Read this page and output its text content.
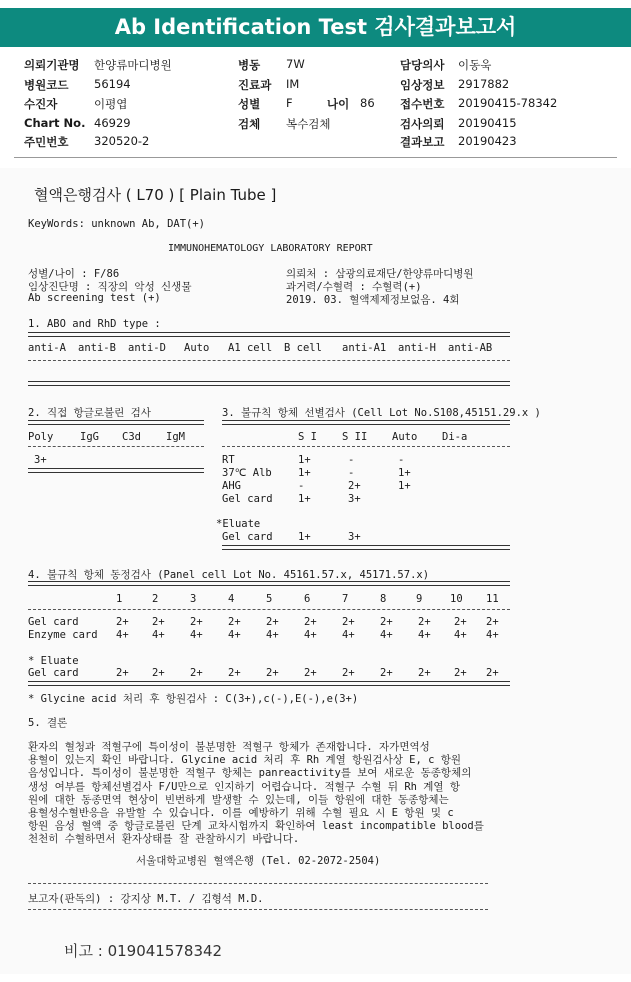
Ab Identification Test 검사결과보고서
의뢰기관명 한양류마디병원	병동 7W	담당의사 이동욱
병원코드 56194	진료과 IM	임상정보 2917882
수진자	이평엽	성별 F	나이 86 접수번호 20190415-78342
Chart No. 46929	검체 복수검체	검사의뢰 20190415
주민번호 320520-2	결과보고 20190423
혈액은행검사 ( L70 ) [ Plain Tube ]
KeyWords: unknown Ab, DAT(+)
IMMUNOHEMATOLOGY LABORATORY REPORT
성별/나이 : F/86
임상진단명 : 직장의 악성 신생물
Ab screening test (+)
의뢰처 : 삼광의료재단/한양류마디병원
과거력/수혈력 : 수혈력(+)
2019. 03. 혈액제제정보없음. 4회
1. ABO and RhD type :
anti-A anti-B anti-D Auto A1 cell B cell anti-A1 anti-H anti-AB
2. 직접 항글로불린 검사
Poly	IgG C3d IgM
3+
3. 불규칙 항체 선별검사 (Cell Lot No.S108,45151.29.x )
S I S II Auto Di-a
RT	1+	-	-
37℃ Alb	1+	-	1+
AHG	-	2+	1+
Gel card 1+	3+
*Eluate
Gel card 1+	3+
4. 불규칙 항체 동정검사 (Panel cell Lot No. 45161.57.x, 45171.57.x)
1	2	3	4	5	6	7	8	9	10 11
Gel card	2+ 2+ 2+ 2+ 2+ 2+ 2+ 2+ 2+ 2+ 2+
Enzyme card 4+ 4+ 4+ 4+ 4+ 4+ 4+ 4+ 4+ 4+ 4+
* Eluate
Gel card	2+ 2+ 2+ 2+ 2+ 2+ 2+ 2+ 2+ 2+ 2+
* Glycine acid 처리 후 항원검사 : C(3+),c(-),E(-),e(3+)
5. 결론
환자의 혈청과 적혈구에 특이성이 불분명한 적혈구 항체가 존재합니다. 자가면역성
용혈이 있는지 확인 바랍니다. Glycine acid 처리 후 Rh 계열 항원검사상 E, c 항원
음성입니다. 특이성이 불분명한 적혈구 항체는 panreactivity를 보여 새로운 동종항체의
생성 여부를 항체선별검사 F/U만으로 인지하기 어렵습니다. 적혈구 수혈 뒤 Rh 계열 항
원에 대한 동종면역 현상이 빈번하게 발생할 수 있는데, 이들 항원에 대한 동종항체는
용혈성수혈반응을 유발할 수 있습니다. 이를 예방하기 위해 수혈 필요 시 E 항원 및 c
항원 음성 혈액 중 항글로불린 단계 교차시험까지 확인하여 least incompatible blood를
천천히 수혈하면서 환자상태를 잘 관찰하시기 바랍니다.
서울대학교병원 혈액은행 (Tel. 02-2072-2504)
보고자(판독의) : 강지상 M.T. / 김형석 M.D.
비고 : 019041578342
